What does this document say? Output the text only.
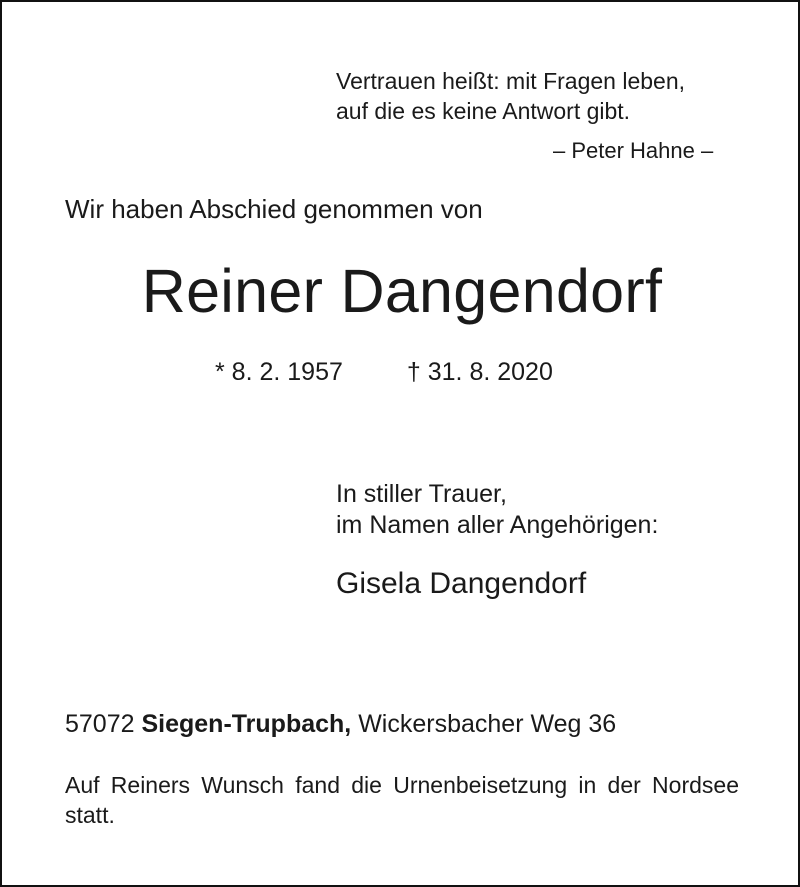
Vertrauen heißt: mit Fragen leben,
auf die es keine Antwort gibt.
– Peter Hahne –
Wir haben Abschied genommen von
Reiner Dangendorf
* 8. 2. 1957	† 31. 8. 2020
In stiller Trauer,
im Namen aller Angehörigen:
Gisela Dangendorf
57072 Siegen-Trupbach, Wickersbacher Weg 36
Auf Reiners Wunsch fand die Urnenbeisetzung in der Nordsee statt.
